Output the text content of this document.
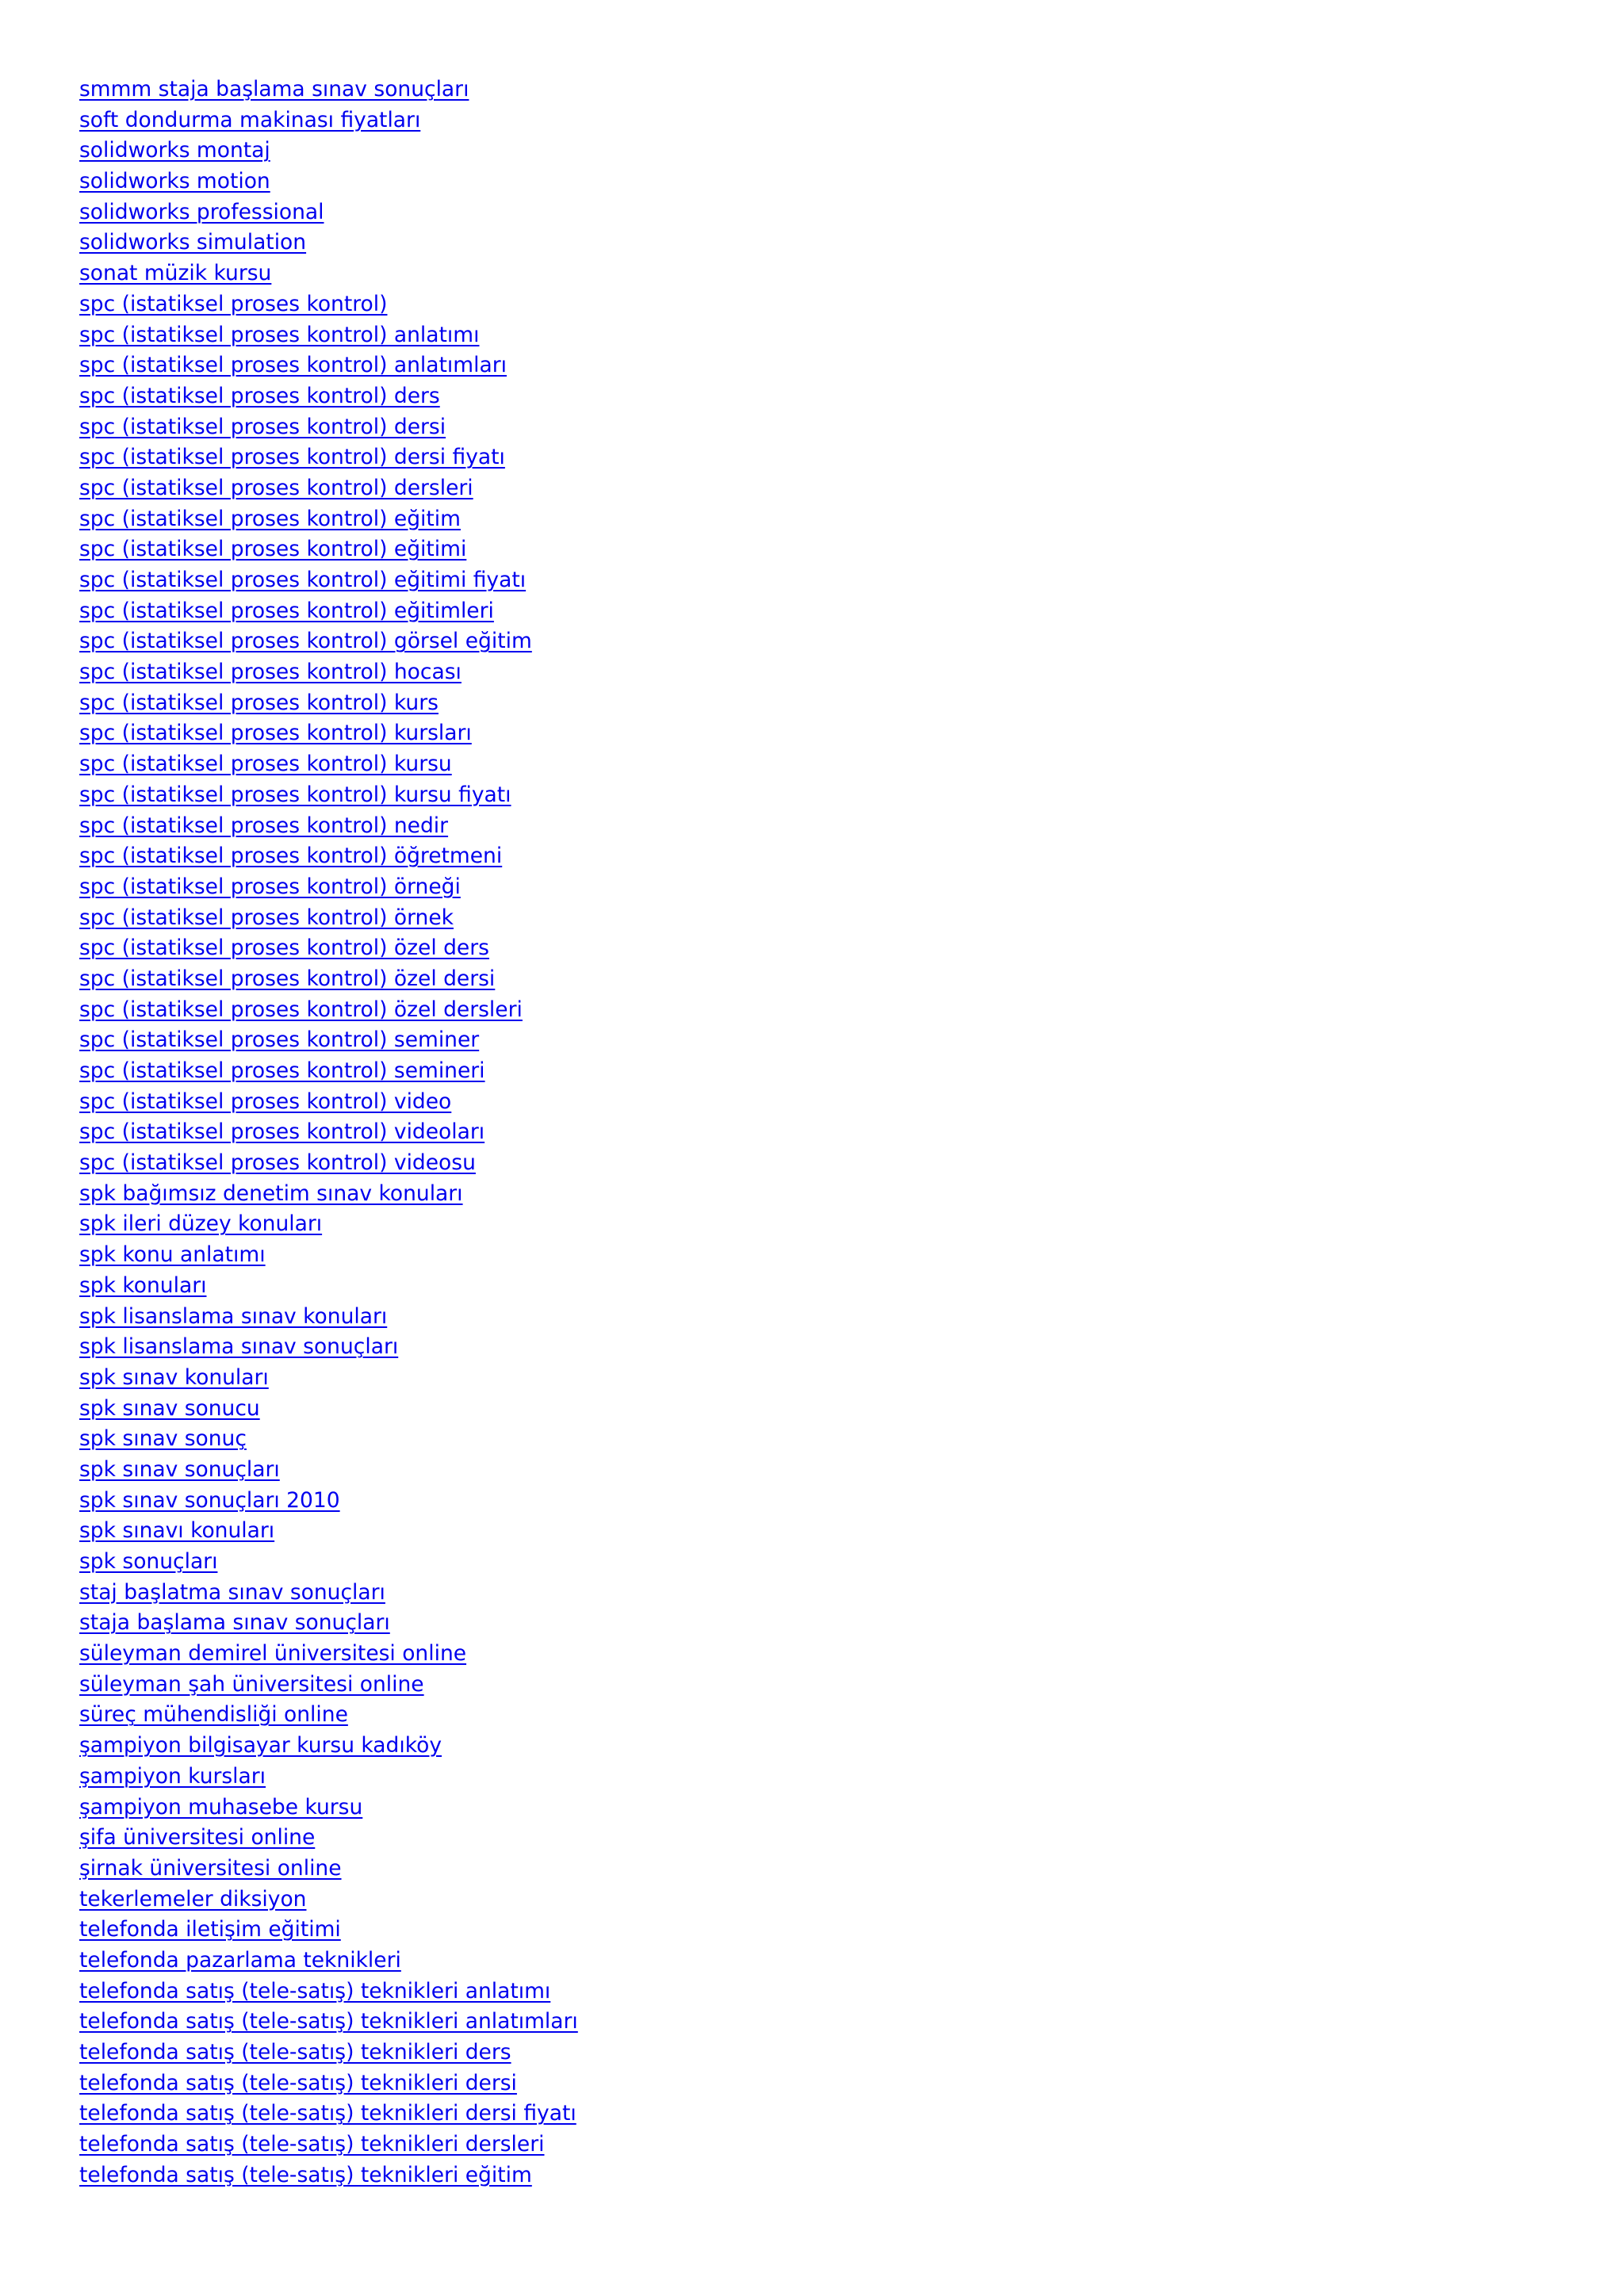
smmm staja başlama sınav sonuçları
soft dondurma makinası fiyatları
solidworks montaj
solidworks motion
solidworks professional
solidworks simulation
sonat müzik kursu
spc (istatiksel proses kontrol)
spc (istatiksel proses kontrol) anlatımı
spc (istatiksel proses kontrol) anlatımları
spc (istatiksel proses kontrol) ders
spc (istatiksel proses kontrol) dersi
spc (istatiksel proses kontrol) dersi fiyatı
spc (istatiksel proses kontrol) dersleri
spc (istatiksel proses kontrol) eğitim
spc (istatiksel proses kontrol) eğitimi
spc (istatiksel proses kontrol) eğitimi fiyatı
spc (istatiksel proses kontrol) eğitimleri
spc (istatiksel proses kontrol) görsel eğitim
spc (istatiksel proses kontrol) hocası
spc (istatiksel proses kontrol) kurs
spc (istatiksel proses kontrol) kursları
spc (istatiksel proses kontrol) kursu
spc (istatiksel proses kontrol) kursu fiyatı
spc (istatiksel proses kontrol) nedir
spc (istatiksel proses kontrol) öğretmeni
spc (istatiksel proses kontrol) örneği
spc (istatiksel proses kontrol) örnek
spc (istatiksel proses kontrol) özel ders
spc (istatiksel proses kontrol) özel dersi
spc (istatiksel proses kontrol) özel dersleri
spc (istatiksel proses kontrol) seminer
spc (istatiksel proses kontrol) semineri
spc (istatiksel proses kontrol) video
spc (istatiksel proses kontrol) videoları
spc (istatiksel proses kontrol) videosu
spk bağımsız denetim sınav konuları
spk ileri düzey konuları
spk konu anlatımı
spk konuları
spk lisanslama sınav konuları
spk lisanslama sınav sonuçları
spk sınav konuları
spk sınav sonucu
spk sınav sonuç
spk sınav sonuçları
spk sınav sonuçları 2010
spk sınavı konuları
spk sonuçları
staj başlatma sınav sonuçları
staja başlama sınav sonuçları
süleyman demirel üniversitesi online
süleyman şah üniversitesi online
süreç mühendisliği online
şampiyon bilgisayar kursu kadıköy
şampiyon kursları
şampiyon muhasebe kursu
şifa üniversitesi online
şirnak üniversitesi online
tekerlemeler diksiyon
telefonda iletişim eğitimi
telefonda pazarlama teknikleri
telefonda satış (tele-satış) teknikleri anlatımı
telefonda satış (tele-satış) teknikleri anlatımları
telefonda satış (tele-satış) teknikleri ders
telefonda satış (tele-satış) teknikleri dersi
telefonda satış (tele-satış) teknikleri dersi fiyatı
telefonda satış (tele-satış) teknikleri dersleri
telefonda satış (tele-satış) teknikleri eğitim
